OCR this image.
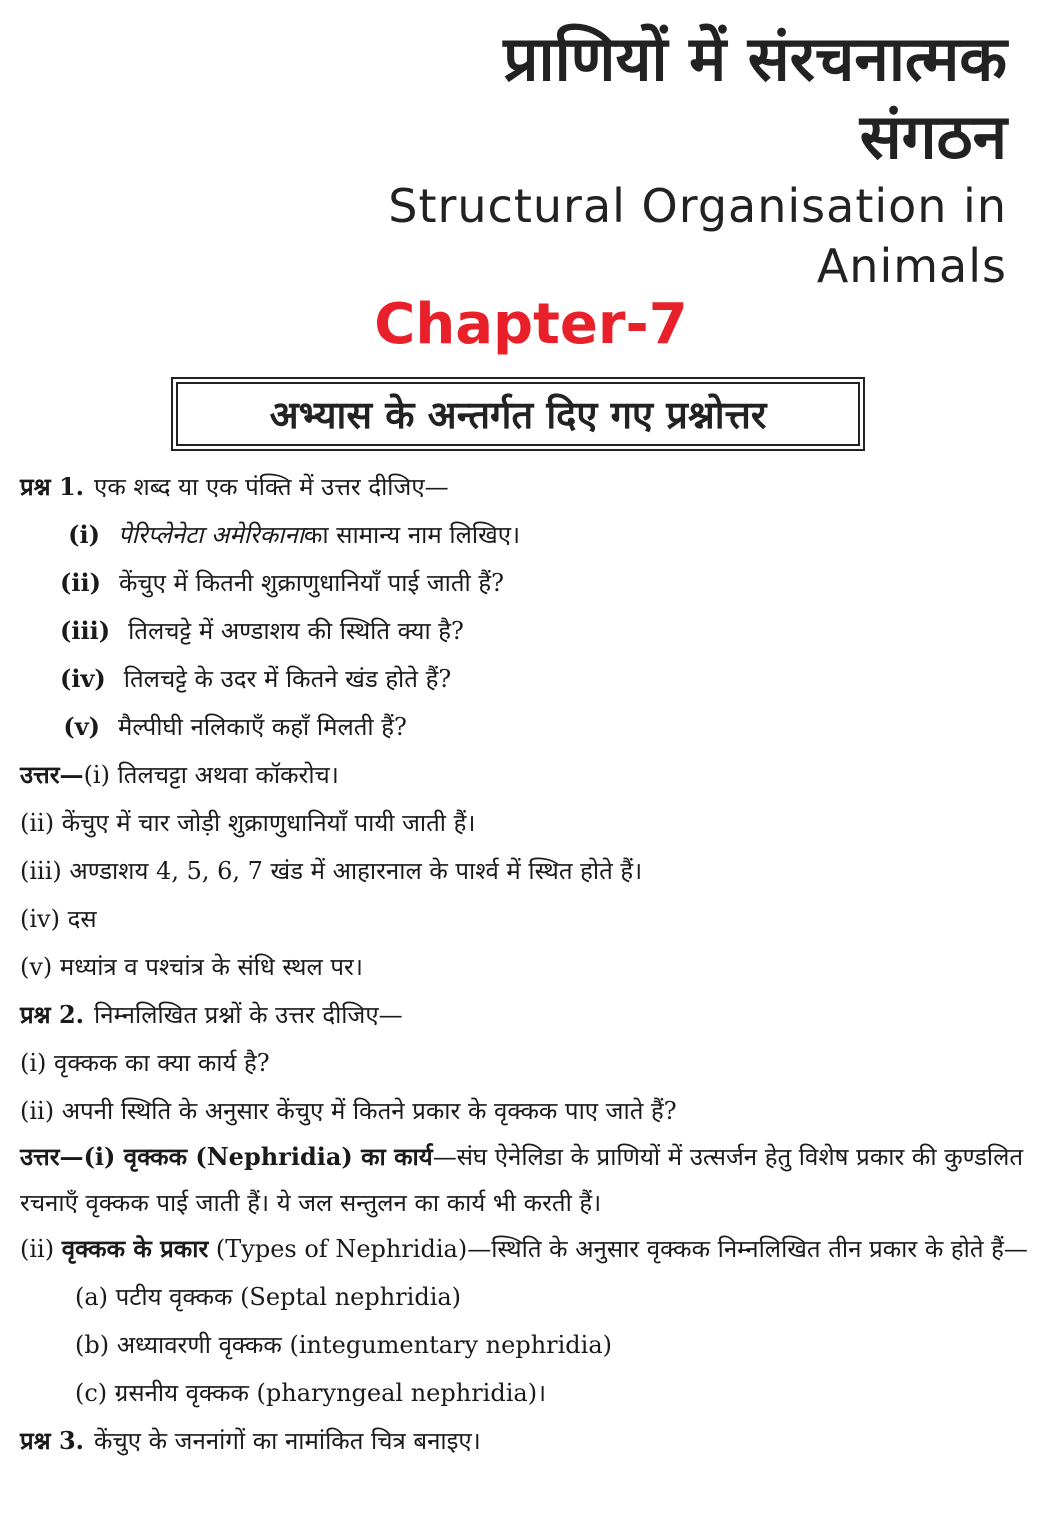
प्राणियों में संरचनात्मक
संगठन
Structural Organisation in
Animals
Chapter-7
अभ्यास के अन्तर्गत दिए गए प्रश्नोत्तर
प्रश्न 1. एक शब्द या एक पंक्ति में उत्तर दीजिए—
(i) पेरिप्लेनेटा अमेरिकाना का सामान्य नाम लिखिए।
(ii) केंचुए में कितनी शुक्राणुधानियाँ पाई जाती हैं?
(iii) तिलचट्टे में अण्डाशय की स्थिति क्या है?
(iv) तिलचट्टे के उदर में कितने खंड होते हैं?
(v) मैल्पीघी नलिकाएँ कहाँ मिलती हैं?
उत्तर— (i) तिलचट्टा अथवा कॉकरोच।
(ii) केंचुए में चार जोड़ी शुक्राणुधानियाँ पायी जाती हैं।
(iii) अण्डाशय 4, 5, 6, 7 खंड में आहारनाल के पार्श्व में स्थित होते हैं।
(iv) दस
(v) मध्यांत्र व पश्चांत्र के संधि स्थल पर।
प्रश्न 2. निम्नलिखित प्रश्नों के उत्तर दीजिए—
(i) वृक्कक का क्या कार्य है?
(ii) अपनी स्थिति के अनुसार केंचुए में कितने प्रकार के वृक्कक पाए जाते हैं?
उत्तर—(i) वृक्कक (Nephridia) का कार्य—संघ ऐनेलिडा के प्राणियों में उत्सर्जन हेतु विशेष प्रकार की कुण्डलित रचनाएँ वृक्कक पाई जाती हैं। ये जल सन्तुलन का कार्य भी करती हैं।
(ii) वृक्कक के प्रकार (Types of Nephridia)—स्थिति के अनुसार वृक्कक निम्नलिखित तीन प्रकार के होते हैं—
(a) पटीय वृक्कक (Septal nephridia)
(b) अध्यावरणी वृक्कक (integumentary nephridia)
(c) ग्रसनीय वृक्कक (pharyngeal nephridia)।
प्रश्न 3. केंचुए के जननांगों का नामांकित चित्र बनाइए।
